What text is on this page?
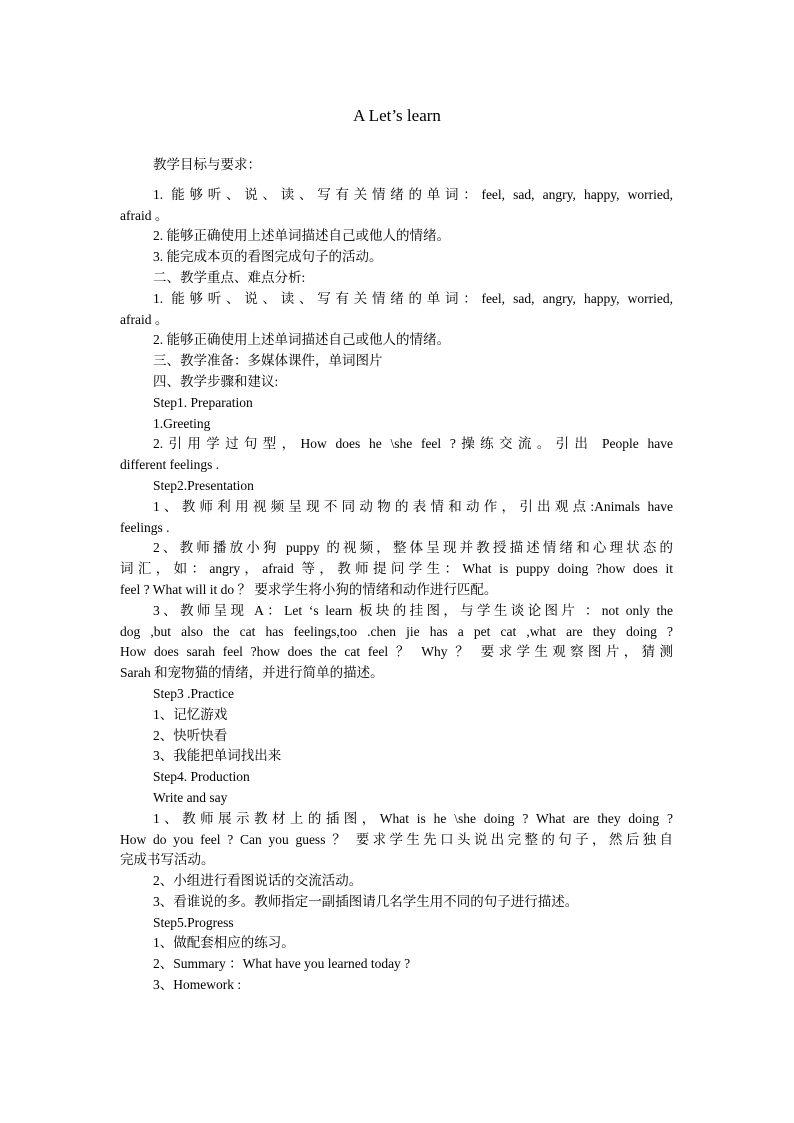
A Let’s learn

教学目标与要求：

1. 能够听、说、读、写有关情绪的单词：feel, sad, angry, happy, worried,

afraid 。

2. 能够正确使用上述单词描述自己或他人的情绪。

3. 能完成本页的看图完成句子的活动。

二、教学重点、难点分析:

1. 能够听、说、读、写有关情绪的单词：feel, sad, angry, happy, worried,

afraid 。

2. 能够正确使用上述单词描述自己或他人的情绪。

三、教学准备：多媒体课件，单词图片

四、教学步骤和建议:

Step1. Preparation

1.Greeting

2.引用学过句型，How does he \she feel ?操练交流。引出 People have

different feelings .

Step2.Presentation

1、教师利用视频呈现不同动物的表情和动作，引出观点:Animals have

feelings .

2、教师播放小狗 puppy 的视频，整体呈现并教授描述情绪和心理状态的

词汇，如：angry，afraid 等，教师提问学生：What is puppy doing ?how does it

feel ? What will it do ？ 要求学生将小狗的情绪和动作进行匹配。

3、教师呈现 A：Let ‘s learn 板块的挂图，与学生谈论图片 ：not only the

dog ,but also the cat has feelings,too .chen jie has a pet cat ,what are they doing ?

How does sarah feel ?how does the cat feel ？ Why ？ 要求学生观察图片，猜测

Sarah 和宠物猫的情绪，并进行简单的描述。

Step3 .Practice

1、记忆游戏

2、快听快看

3、我能把单词找出来

Step4. Production

Write and say

1、教师展示教材上的插图，What is he \she doing ? What are they doing ?

How do you feel ? Can you guess ？ 要求学生先口头说出完整的句子，然后独自

完成书写活动。

2、小组进行看图说话的交流活动。

3、看谁说的多。教师指定一副插图请几名学生用不同的句子进行描述。

Step5.Progress

1、做配套相应的练习。

2、Summary ：What have you learned today ?

3、Homework :
